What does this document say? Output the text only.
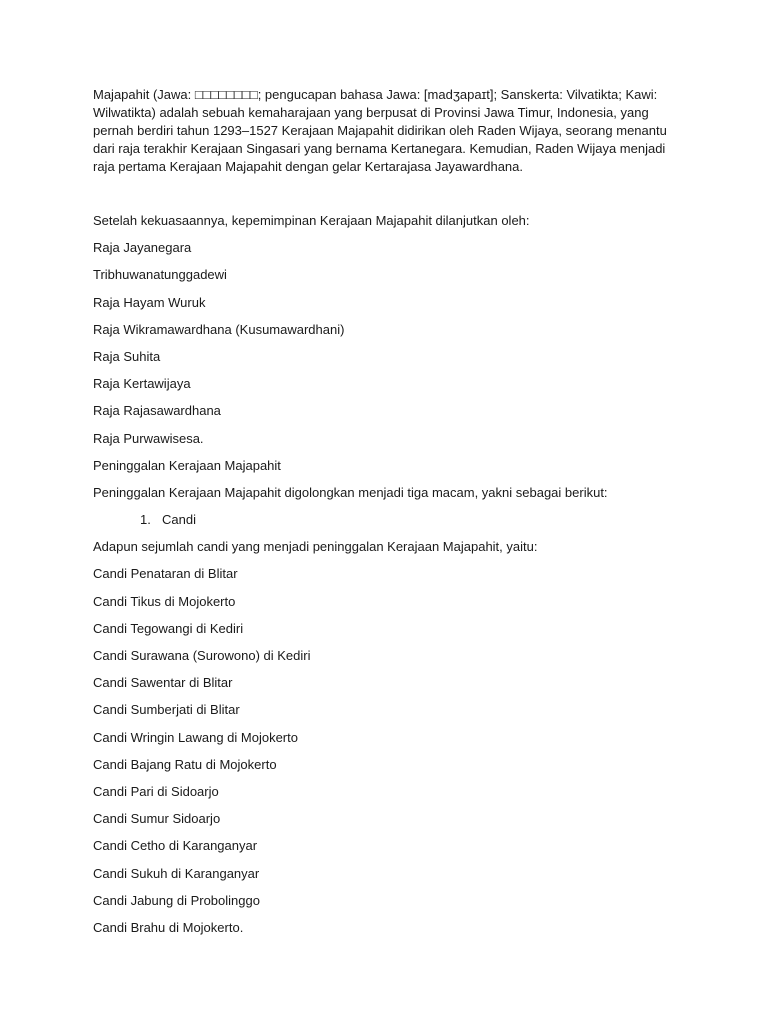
Majapahit (Jawa: □□□□□□□□; pengucapan bahasa Jawa: [madʒapaɪt]; Sanskerta: Vilvatikta; Kawi:
Wilwatikta) adalah sebuah kemaharajaan yang berpusat di Provinsi Jawa Timur, Indonesia, yang
pernah berdiri tahun 1293–1527 Kerajaan Majapahit didirikan oleh Raden Wijaya, seorang menantu
dari raja terakhir Kerajaan Singasari yang bernama Kertanegara. Kemudian, Raden Wijaya menjadi
raja pertama Kerajaan Majapahit dengan gelar Kertarajasa Jayawardhana.

Setelah kekuasaannya, kepemimpinan Kerajaan Majapahit dilanjutkan oleh:

Raja Jayanegara

Tribhuwanatunggadewi

Raja Hayam Wuruk

Raja Wikramawardhana (Kusumawardhani)

Raja Suhita

Raja Kertawijaya

Raja Rajasawardhana

Raja Purwawisesa.

Peninggalan Kerajaan Majapahit

Peninggalan Kerajaan Majapahit digolongkan menjadi tiga macam, yakni sebagai berikut:

1. Candi

Adapun sejumlah candi yang menjadi peninggalan Kerajaan Majapahit, yaitu:

Candi Penataran di Blitar

Candi Tikus di Mojokerto

Candi Tegowangi di Kediri

Candi Surawana (Surowono) di Kediri

Candi Sawentar di Blitar

Candi Sumberjati di Blitar

Candi Wringin Lawang di Mojokerto

Candi Bajang Ratu di Mojokerto

Candi Pari di Sidoarjo

Candi Sumur Sidoarjo

Candi Cetho di Karanganyar

Candi Sukuh di Karanganyar

Candi Jabung di Probolinggo

Candi Brahu di Mojokerto.
